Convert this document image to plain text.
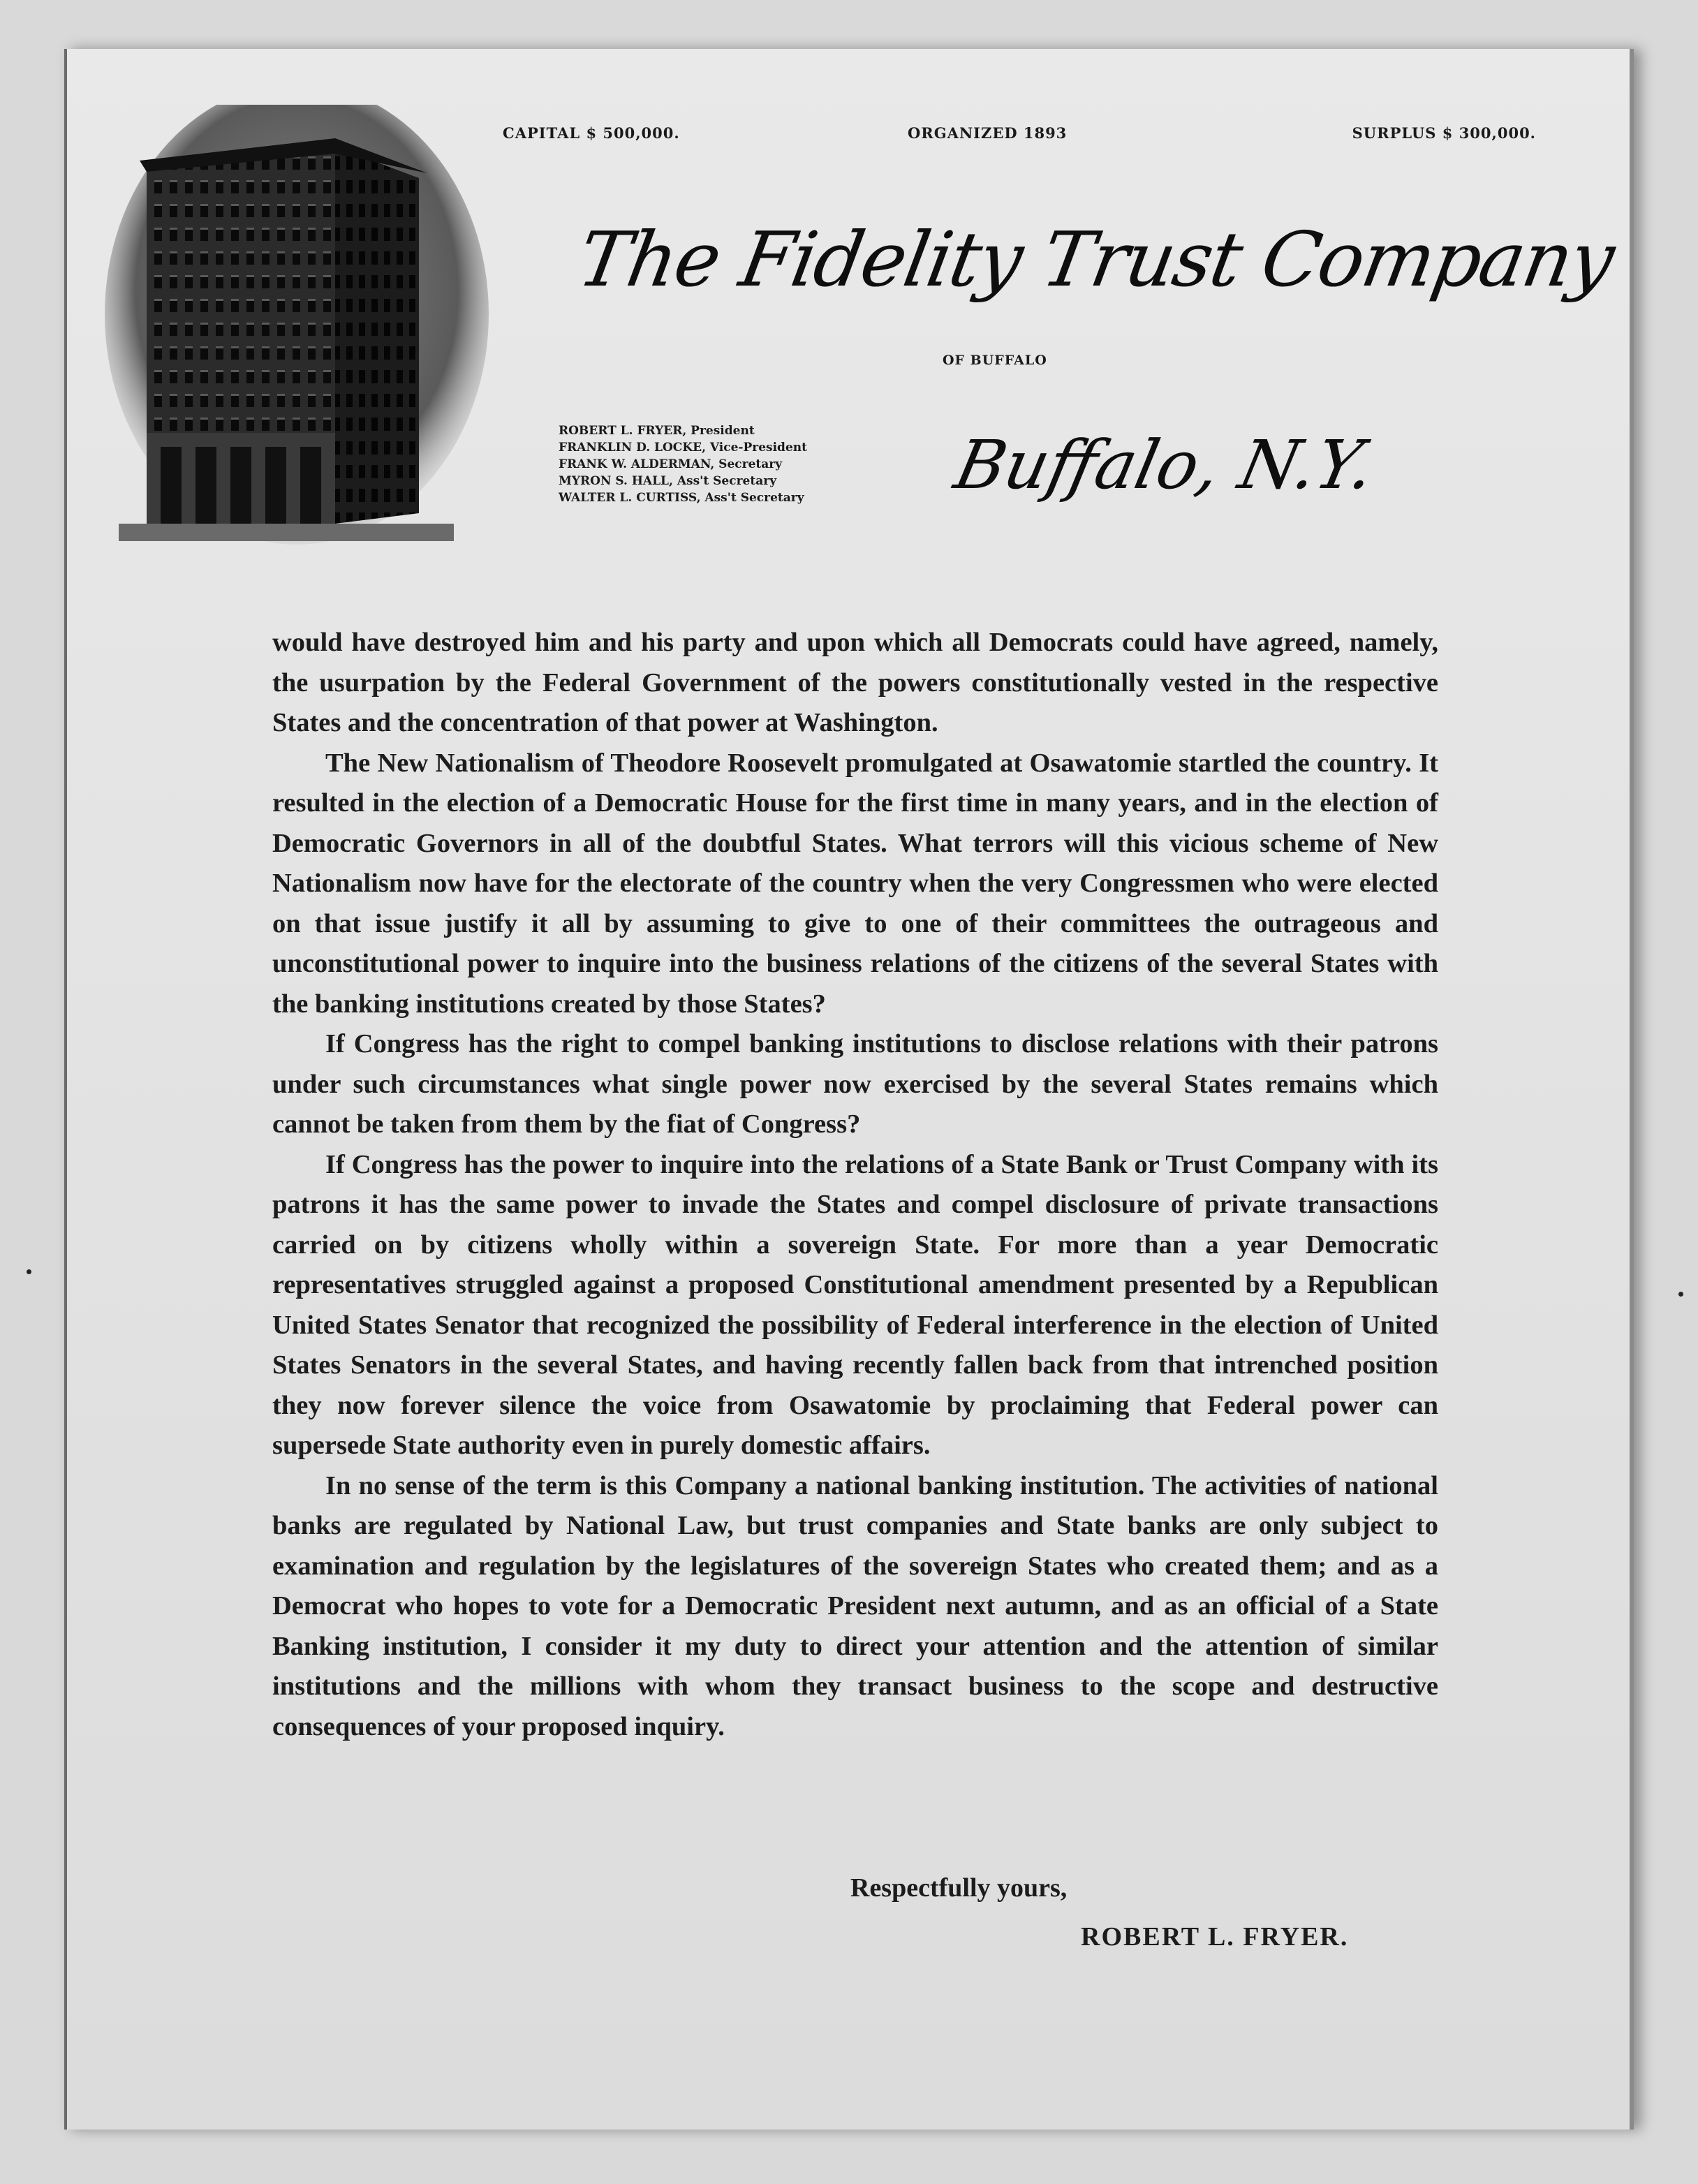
CAPITAL $ 500,000.	ORGANIZED 1893	SURPLUS $ 300,000.
The Fidelity Trust Company
OF BUFFALO
ROBERT L. FRYER, President
FRANKLIN D. LOCKE, Vice-President
FRANK W. ALDERMAN, Secretary
MYRON S. HALL, Ass't Secretary
WALTER L. CURTISS, Ass't Secretary Buffalo, N.Y.

would have destroyed him and his party and upon which all Democrats could have agreed, namely, the usurpation by the Federal Government of the powers constitutionally vested in the respective States and the concentration of that power at Washington.

The New Nationalism of Theodore Roosevelt promulgated at Osawatomie startled the country. It resulted in the election of a Democratic House for the first time in many years, and in the election of Democratic Governors in all of the doubtful States. What terrors will this vicious scheme of New Nationalism now have for the electorate of the country when the very Congressmen who were elected on that issue justify it all by assuming to give to one of their committees the outrageous and unconstitutional power to inquire into the business relations of the citizens of the several States with the banking institutions created by those States?

If Congress has the right to compel banking institutions to disclose relations with their patrons under such circumstances what single power now exercised by the several States remains which cannot be taken from them by the fiat of Congress?

If Congress has the power to inquire into the relations of a State Bank or Trust Company with its patrons it has the same power to invade the States and compel disclosure of private transactions carried on by citizens wholly within a sovereign State. For more than a year Democratic representatives struggled against a proposed Constitutional amendment presented by a Republican United States Senator that recognized the possibility of Federal interference in the election of United States Senators in the several States, and having recently fallen back from that intrenched position they now forever silence the voice from Osawatomie by proclaiming that Federal power can supersede State authority even in purely domestic affairs.

In no sense of the term is this Company a national banking institution. The activities of national banks are regulated by National Law, but trust companies and State banks are only subject to examination and regulation by the legislatures of the sovereign States who created them; and as a Democrat who hopes to vote for a Democratic President next autumn, and as an official of a State Banking institution, I consider it my duty to direct your attention and the attention of similar institutions and the millions with whom they transact business to the scope and destructive consequences of your proposed inquiry.

Respectfully yours,
ROBERT L. FRYER.
